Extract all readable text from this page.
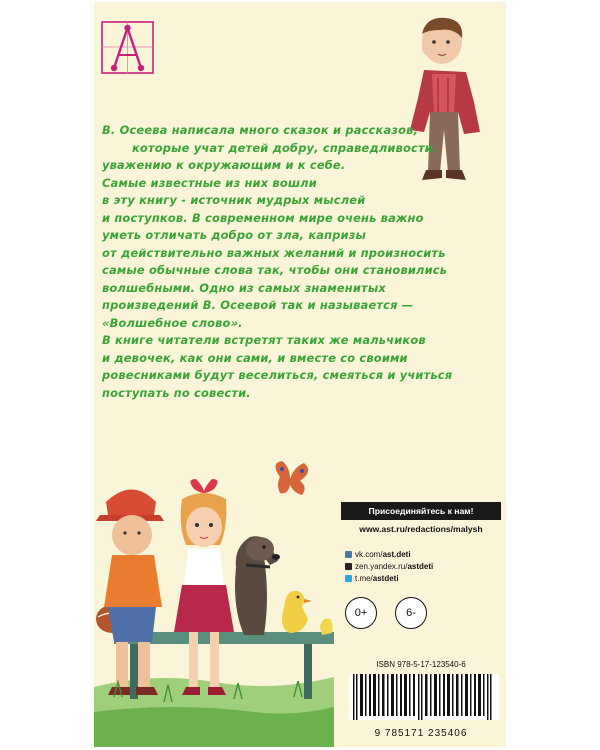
В. Осеева написала много сказок и рассказов,
которые учат детей добру, справедливости,
уважению к окружающим и к себе.
Самые известные из них вошли
в эту книгу - источник мудрых мыслей
и поступков. В современном мире очень важно
уметь отличать добро от зла, капризы
от действительно важных желаний и произносить
самые обычные слова так, чтобы они становились
волшебными. Одно из самых знаменитых
произведений В. Осеевой так и называется —
«Волшебное слово».
В книге читатели встретят таких же мальчиков
и девочек, как они сами, и вместе со своими
ровесниками будут веселиться, смеяться и учиться
поступать по совести.
Присоединяйтесь к нам!
www.ast.ru/redactions/malysh
vk.com/ ast.deti
zen.yandex.ru/ astdeti
t.me/ astdeti
0+	6-
ISBN 978-5-17-123540-6
9 785171 235406
